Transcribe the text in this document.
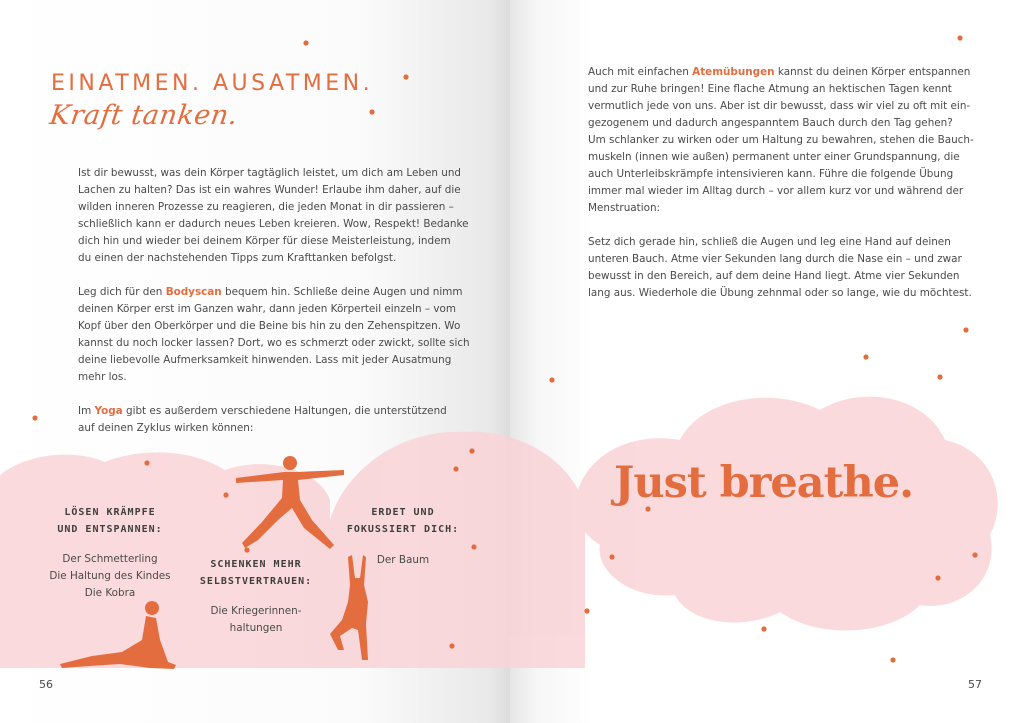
EINATMEN. AUSATMEN.
Kraft tanken.

Ist dir bewusst, was dein Körper tagtäglich leistet, um dich am Leben und

Lachen zu halten? Das ist ein wahres Wunder! Erlaube ihm daher, auf die

wilden inneren Prozesse zu reagieren, die jeden Monat in dir passieren –

schließlich kann er dadurch neues Leben kreieren. Wow, Respekt! Bedanke

dich hin und wieder bei deinem Körper für diese Meisterleistung, indem

du einen der nachstehenden Tipps zum Krafttanken befolgst.

Leg dich für den Bodyscan bequem hin. Schließe deine Augen und nimm

deinen Körper erst im Ganzen wahr, dann jeden Körperteil einzeln – vom

Kopf über den Oberkörper und die Beine bis hin zu den Zehenspitzen. Wo

kannst du noch locker lassen? Dort, wo es schmerzt oder zwickt, sollte sich

deine liebevolle Aufmerksamkeit hinwenden. Lass mit jeder Ausatmung

mehr los.

Im Yoga gibt es außerdem verschiedene Haltungen, die unterstützend

auf deinen Zyklus wirken können:

LÖSEN KRÄMPFE
UND ENTSPANNEN:
Der Schmetterling
Die Haltung des Kindes
Die Kobra
SCHENKEN MEHR
SELBSTVERTRAUEN:
Die Kriegerinnen-
haltungen
ERDET UND
FOKUSSIERT DICH:
Der Baum
56

Auch mit einfachen Atemübungen kannst du deinen Körper entspannen

und zur Ruhe bringen! Eine flache Atmung an hektischen Tagen kennt

vermutlich jede von uns. Aber ist dir bewusst, dass wir viel zu oft mit ein-

gezogenem und dadurch angespanntem Bauch durch den Tag gehen?

Um schlanker zu wirken oder um Haltung zu bewahren, stehen die Bauch-

muskeln (innen wie außen) permanent unter einer Grundspannung, die

auch Unterleibskrämpfe intensivieren kann. Führe die folgende Übung

immer mal wieder im Alltag durch – vor allem kurz vor und während der

Menstruation:

Setz dich gerade hin, schließ die Augen und leg eine Hand auf deinen

unteren Bauch. Atme vier Sekunden lang durch die Nase ein – und zwar

bewusst in den Bereich, auf dem deine Hand liegt. Atme vier Sekunden

lang aus. Wiederhole die Übung zehnmal oder so lange, wie du möchtest.

Just breathe.
57
